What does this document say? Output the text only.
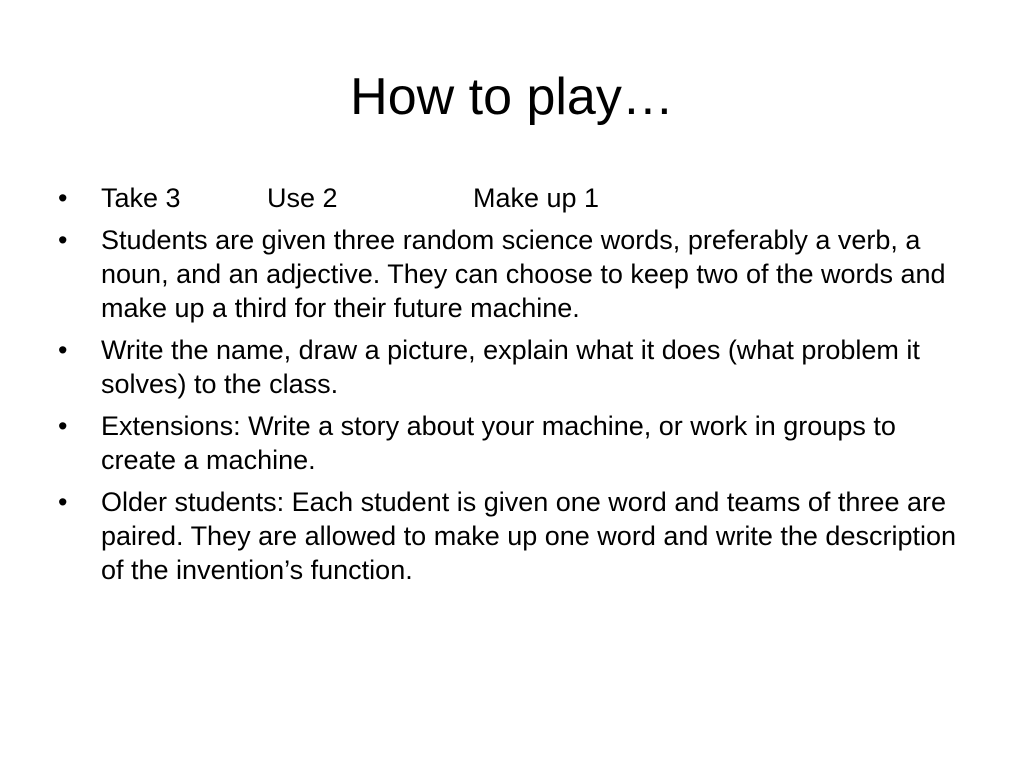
How to play…
•	Take 3	Use 2	Make up 1
•	Students are given three random science words, preferably a verb, a noun, and an adjective. They can choose to keep two of the words and make up a third for their future machine.
•	Write the name, draw a picture, explain what it does (what problem it solves) to the class.
•	Extensions: Write a story about your machine, or work in groups to create a machine.
•	Older students: Each student is given one word and teams of three are paired. They are allowed to make up one word and write the description of the invention’s function.
